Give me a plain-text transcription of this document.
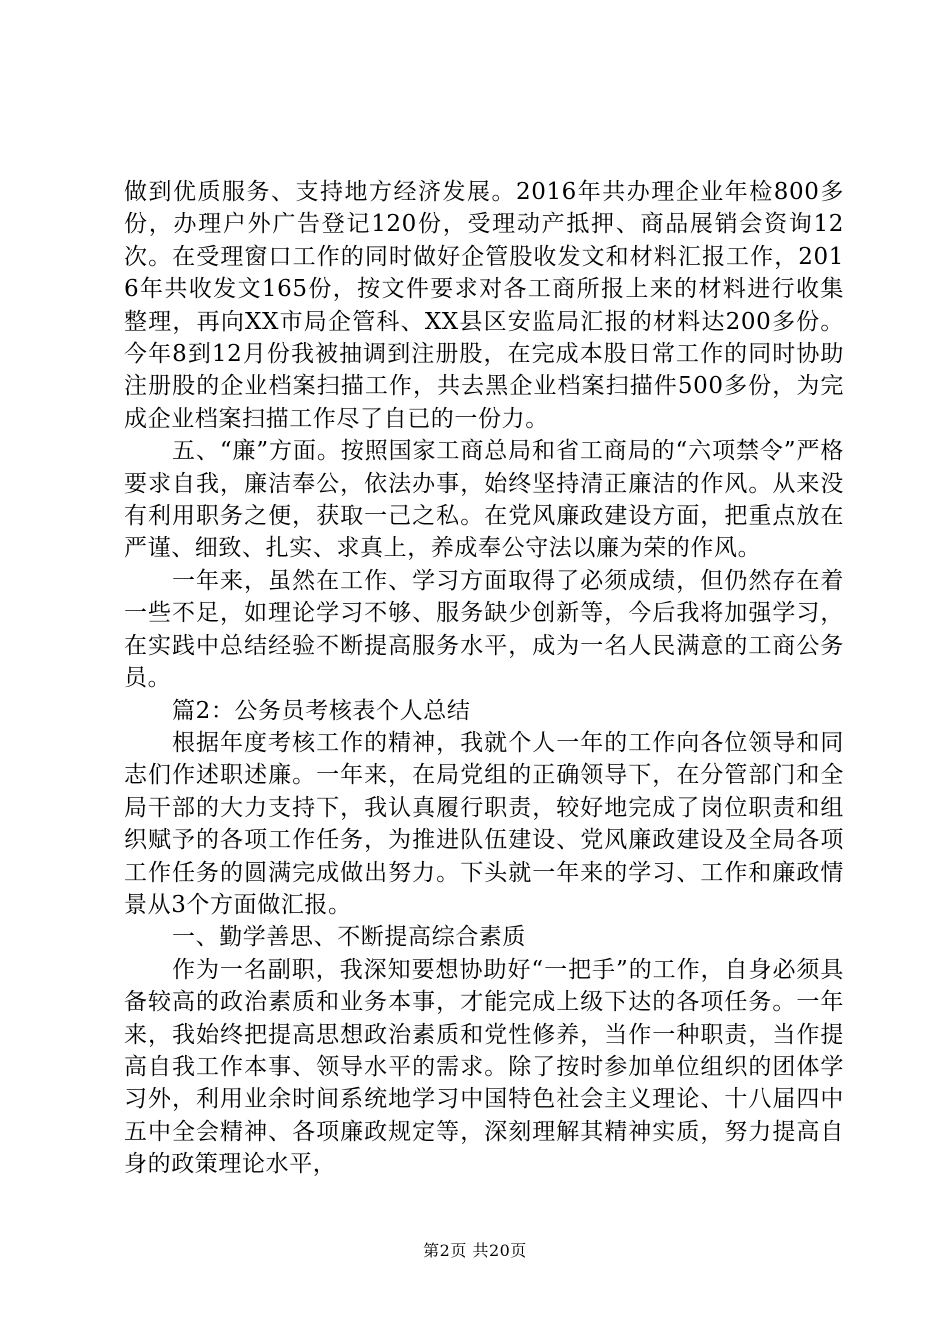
做到优质服务、支持地方经济发展。2016年共办理企业年检800多份，办理户外广告登记120份，受理动产抵押、商品展销会资询12次。在受理窗口工作的同时做好企管股收发文和材料汇报工作，2016年共收发文165份，按文件要求对各工商所报上来的材料进行收集整理，再向XX市局企管科、XX县区安监局汇报的材料达200多份。今年8到12月份我被抽调到注册股，在完成本股日常工作的同时协助注册股的企业档案扫描工作，共去黑企业档案扫描件500多份，为完成企业档案扫描工作尽了自已的一份力。

五、“廉”方面。按照国家工商总局和省工商局的“六项禁令”严格要求自我，廉洁奉公，依法办事，始终坚持清正廉洁的作风。从来没有利用职务之便，获取一己之私。在党风廉政建设方面，把重点放在严谨、细致、扎实、求真上，养成奉公守法以廉为荣的作风。

一年来，虽然在工作、学习方面取得了必须成绩，但仍然存在着一些不足，如理论学习不够、服务缺少创新等，今后我将加强学习，在实践中总结经验不断提高服务水平，成为一名人民满意的工商公务员。

篇2：公务员考核表个人总结

根据年度考核工作的精神，我就个人一年的工作向各位领导和同志们作述职述廉。一年来，在局党组的正确领导下，在分管部门和全局干部的大力支持下，我认真履行职责，较好地完成了岗位职责和组织赋予的各项工作任务，为推进队伍建设、党风廉政建设及全局各项工作任务的圆满完成做出努力。下头就一年来的学习、工作和廉政情景从3个方面做汇报。

一、勤学善思、不断提高综合素质

作为一名副职，我深知要想协助好“一把手”的工作，自身必须具备较高的政治素质和业务本事，才能完成上级下达的各项任务。一年来，我始终把提高思想政治素质和党性修养，当作一种职责，当作提高自我工作本事、领导水平的需求。除了按时参加单位组织的团体学习外，利用业余时间系统地学习中国特色社会主义理论、十八届四中五中全会精神、各项廉政规定等，深刻理解其精神实质，努力提高自身的政策理论水平，

第2页 共20页
